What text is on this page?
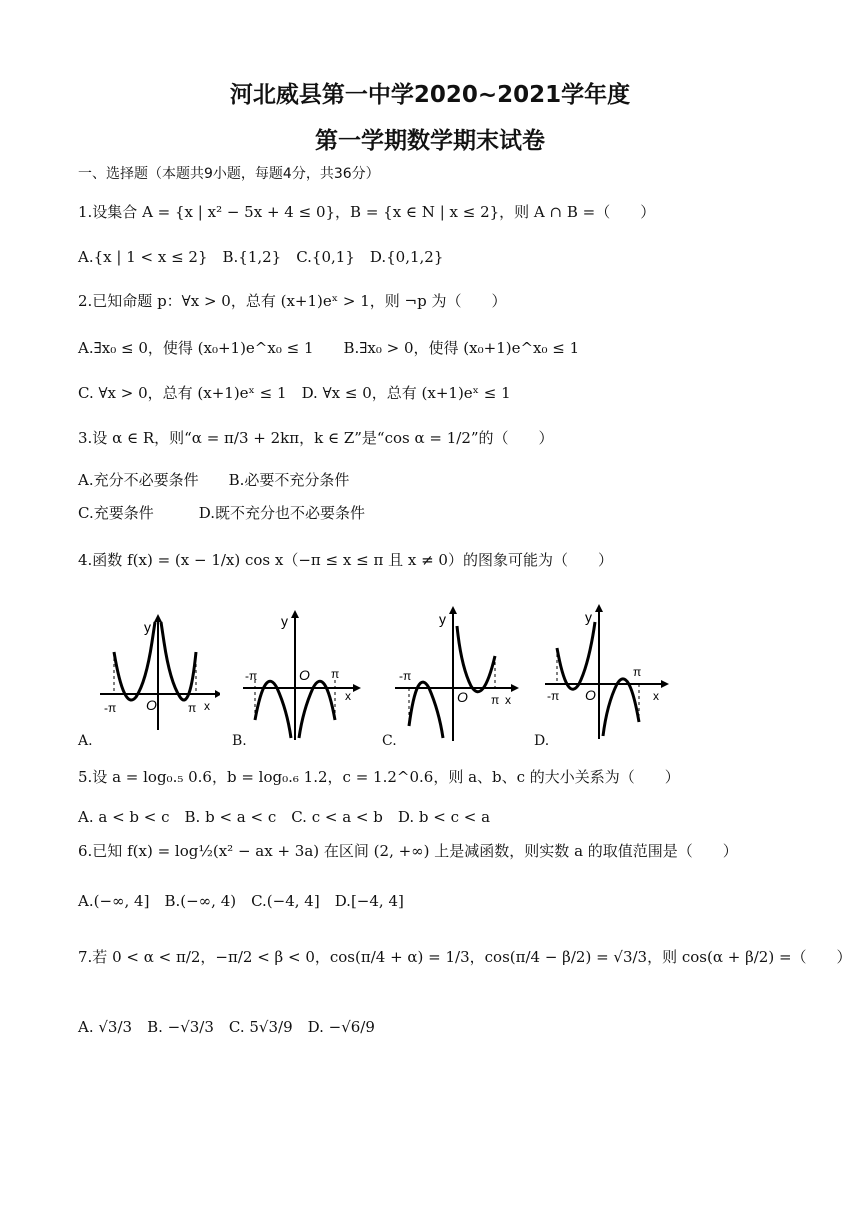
河北威县第一中学2020~2021学年度
第一学期数学期末试卷
一、选择题（本题共9小题，每题4分，共36分）
1.设集合 A = {x | x² − 5x + 4 ≤ 0}，B = {x ∈ N | x ≤ 2}，则 A ∩ B =（　　）
A.{x | 1 < x ≤ 2}　B.{1,2}　C.{0,1}　D.{0,1,2}
2.已知命题 p：∀x > 0，总有 (x+1)eˣ > 1，则 ¬p 为（　　）
A.∃x₀ ≤ 0，使得 (x₀+1)e^x₀ ≤ 1　　B.∃x₀ > 0，使得 (x₀+1)e^x₀ ≤ 1
C. ∀x > 0，总有 (x+1)eˣ ≤ 1　D. ∀x ≤ 0，总有 (x+1)eˣ ≤ 1
3.设 α ∈ R，则“α = π/3 + 2kπ，k ∈ Z”是“cos α = 1/2”的（　　）
A.充分不必要条件　　B.必要不充分条件
C.充要条件　　　D.既不充分也不必要条件
4.函数 f(x) = (x − 1/x) cos x（−π ≤ x ≤ π 且 x ≠ 0）的图象可能为（　　）
y
O
-π	π x
A.
y
O
-π	π
x
B.
y
O
-π
π x
C.
y
O
-π
π
x
D.
5.设 a = log₀.₅ 0.6，b = log₀.₆ 1.2，c = 1.2^0.6，则 a、b、c 的大小关系为（　　）
A. a < b < c　B. b < a < c　C. c < a < b　D. b < c < a
6.已知 f(x) = log½(x² − ax + 3a) 在区间 (2, +∞) 上是减函数，则实数 a 的取值范围是（　　）
A.(−∞, 4]　B.(−∞, 4)　C.(−4, 4]　D.[−4, 4]
7.若 0 < α < π/2，−π/2 < β < 0，cos(π/4 + α) = 1/3，cos(π/4 − β/2) = √3/3，则 cos(α + β/2) =（　　）
A. √3/3　B. −√3/3　C. 5√3/9　D. −√6/9
